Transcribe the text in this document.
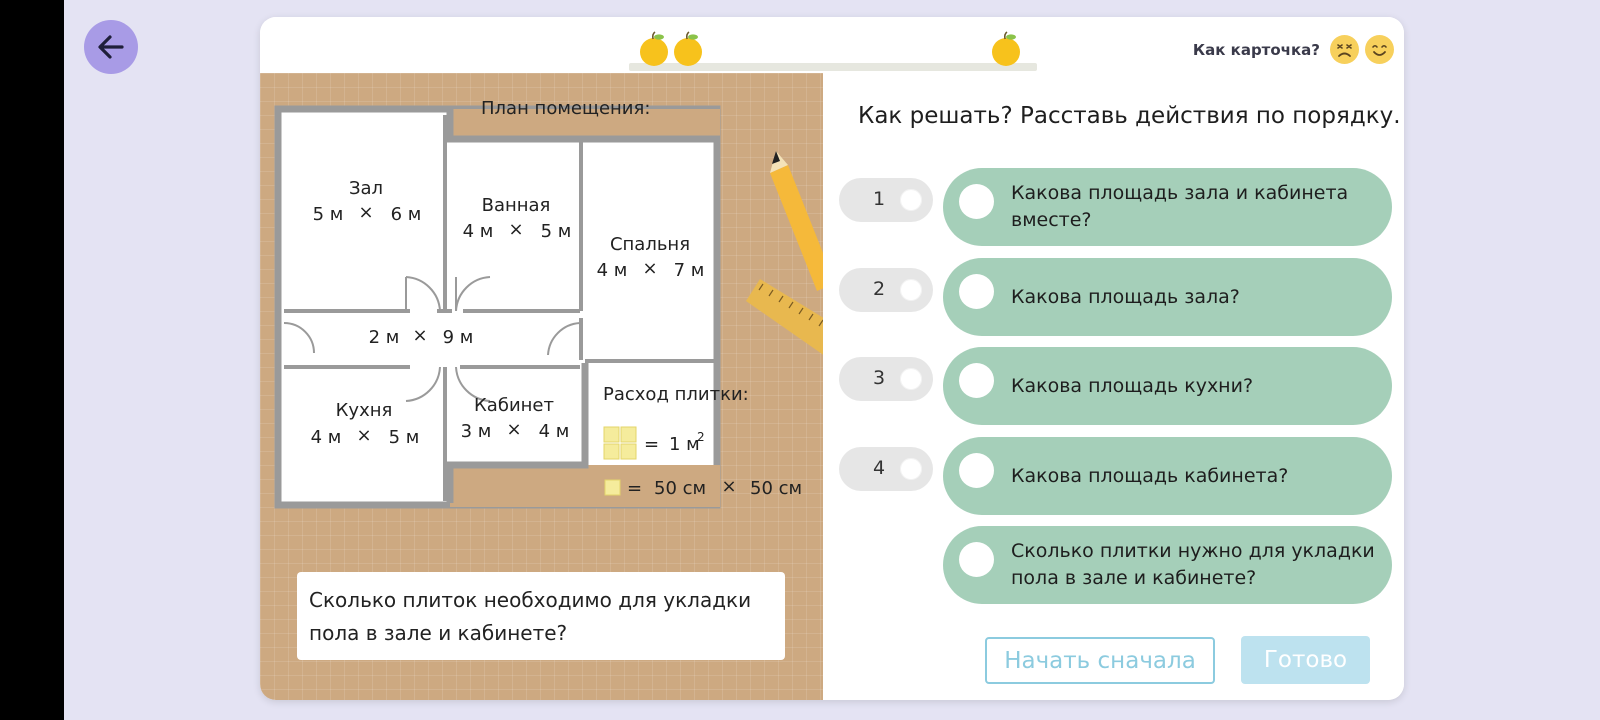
Как карточка?
План помещения:
Зал
5 м × 6 м	Ванная
4 м × 5 м
Спальня
4 м × 7 м
2 м × 9 м
Кухня
4 м × 5 м
Кабинет
3 м × 4 м
Расход плитки:
= 1 м
2
= 50 см × 50 см
Сколько плиток необходимо для укладки пола в зале и кабинете?
Как решать? Расставь действия по порядку.
1
2
3
4
Какова площадь зала и кабинета вместе?
Какова площадь зала?
Какова площадь кухни?
Какова площадь кабинета?
Сколько плитки нужно для укладки пола в зале и кабинете?
Начать сначала	Готово
